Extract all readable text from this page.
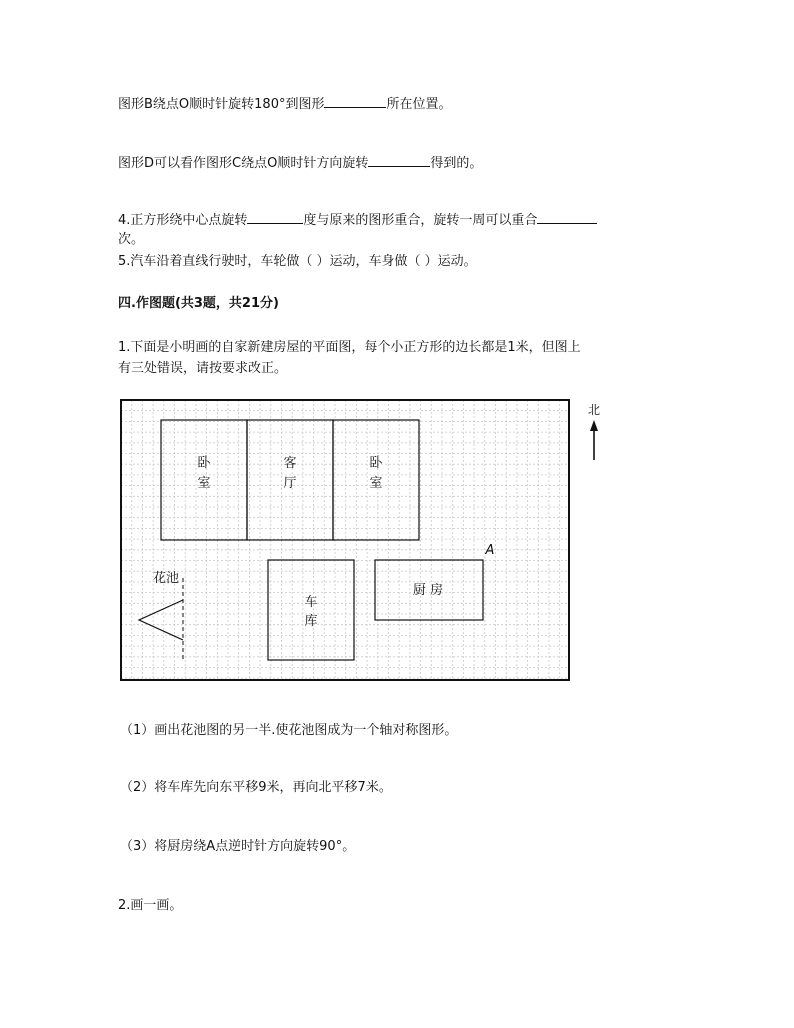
图形B绕点O顺时针旋转180°到图形	所在位置。
图形D可以看作图形C绕点O顺时针方向旋转	得到的。
4.正方形绕中心点旋转	度与原来的图形重合，旋转一周可以重合
次。
5.汽车沿着直线行驶时，车轮做（ ）运动，车身做（ ）运动。
四.作图题(共3题，共21分)
1.下面是小明画的自家新建房屋的平面图，每个小正方形的边长都是1米，但图上
有三处错误，请按要求改正。
北
卧
室
客
厅
卧
室
车
库
厨 房
花池
A
（1）画出花池图的另一半.使花池图成为一个轴对称图形。
（2）将车库先向东平移9米，再向北平移7米。
（3）将厨房绕A点逆时针方向旋转90°。
2.画一画。
